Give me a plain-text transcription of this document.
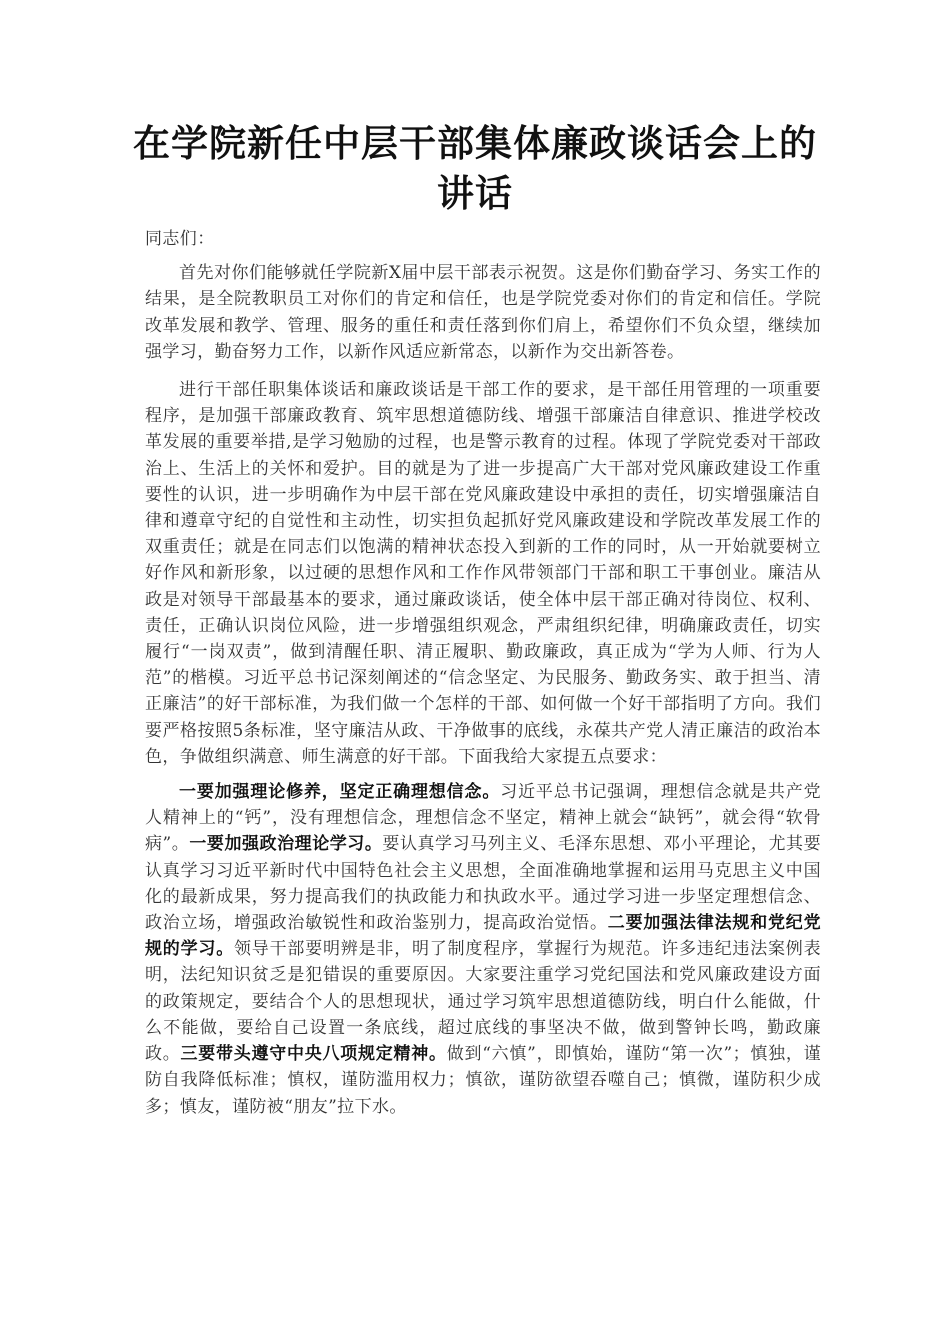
在学院新任中层干部集体廉政谈话会上的讲话

同志们：

首先对你们能够就任学院新X届中层干部表示祝贺。这是你们勤奋学习、务实工作的结果，是全院教职员工对你们的肯定和信任，也是学院党委对你们的肯定和信任。学院改革发展和教学、管理、服务的重任和责任落到你们肩上，希望你们不负众望，继续加强学习，勤奋努力工作，以新作风适应新常态，以新作为交出新答卷。

进行干部任职集体谈话和廉政谈话是干部工作的要求，是干部任用管理的一项重要程序，是加强干部廉政教育、筑牢思想道德防线、增强干部廉洁自律意识、推进学校改革发展的重要举措,是学习勉励的过程，也是警示教育的过程。体现了学院党委对干部政治上、生活上的关怀和爱护。目的就是为了进一步提高广大干部对党风廉政建设工作重要性的认识，进一步明确作为中层干部在党风廉政建设中承担的责任，切实增强廉洁自律和遵章守纪的自觉性和主动性，切实担负起抓好党风廉政建设和学院改革发展工作的双重责任；就是在同志们以饱满的精神状态投入到新的工作的同时，从一开始就要树立好作风和新形象，以过硬的思想作风和工作作风带领部门干部和职工干事创业。廉洁从政是对领导干部最基本的要求，通过廉政谈话，使全体中层干部正确对待岗位、权利、责任，正确认识岗位风险，进一步增强组织观念，严肃组织纪律，明确廉政责任，切实履行“一岗双责”，做到清醒任职、清正履职、勤政廉政，真正成为“学为人师、行为人范”的楷模。习近平总书记深刻阐述的“信念坚定、为民服务、勤政务实、敢于担当、清正廉洁”的好干部标准，为我们做一个怎样的干部、如何做一个好干部指明了方向。我们要严格按照5条标准，坚守廉洁从政、干净做事的底线，永葆共产党人清正廉洁的政治本色，争做组织满意、师生满意的好干部。下面我给大家提五点要求：

一要加强理论修养，坚定正确理想信念。习近平总书记强调，理想信念就是共产党人精神上的“钙”，没有理想信念，理想信念不坚定，精神上就会“缺钙”，就会得“软骨病”。一要加强政治理论学习。要认真学习马列主义、毛泽东思想、邓小平理论，尤其要认真学习习近平新时代中国特色社会主义思想，全面准确地掌握和运用马克思主义中国化的最新成果，努力提高我们的执政能力和执政水平。通过学习进一步坚定理想信念、政治立场，增强政治敏锐性和政治鉴别力，提高政治觉悟。二要加强法律法规和党纪党规的学习。领导干部要明辨是非，明了制度程序，掌握行为规范。许多违纪违法案例表明，法纪知识贫乏是犯错误的重要原因。大家要注重学习党纪国法和党风廉政建设方面的政策规定，要结合个人的思想现状，通过学习筑牢思想道德防线，明白什么能做，什么不能做，要给自己设置一条底线，超过底线的事坚决不做，做到警钟长鸣，勤政廉政。三要带头遵守中央八项规定精神。做到“六慎”，即慎始，谨防“第一次”；慎独，谨防自我降低标准；慎权，谨防滥用权力；慎欲，谨防欲望吞噬自己；慎微，谨防积少成多；慎友，谨防被“朋友”拉下水。
